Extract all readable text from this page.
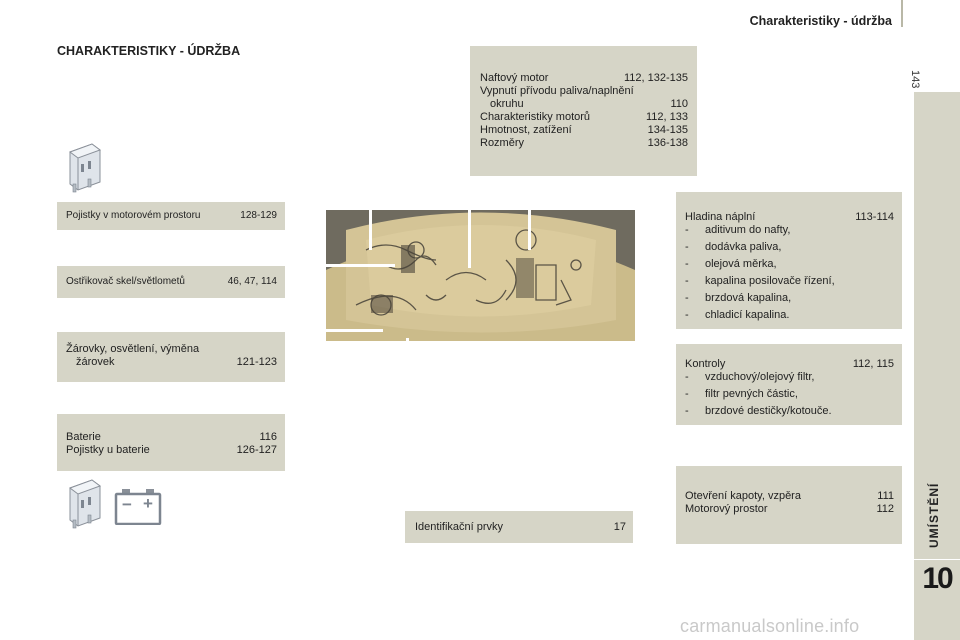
Charakteristiky - údržba
143
UMÍSTĚNÍ
10
CHARAKTERISTIKY - ÚDRŽBA
Pojistky v motorovém prostoru	128-129
Ostřikovač skel/světlometů	46, 47, 114
Žárovky, osvětlení, výměna
žárovek	121-123
Baterie	116
Pojistky u baterie	126-127
− +
Naftový motor	112, 132-135
Vypnutí přívodu paliva/naplnění
okruhu	110
Charakteristiky motorů	112, 133
Hmotnost, zatížení	134-135
Rozměry	136-138
Hladina náplní	113-114
-	aditivum do nafty,
-	dodávka paliva,
-	olejová měrka,
-	kapalina posilovače řízení,
-	brzdová kapalina,
-	chladicí kapalina.
Kontroly	112, 115
-	vzduchový/olejový filtr,
-	filtr pevných částic,
-	brzdové destičky/kotouče.
Identifikační prvky	17
Otevření kapoty, vzpěra	111
Motorový prostor	112
carmanualsonline.info
